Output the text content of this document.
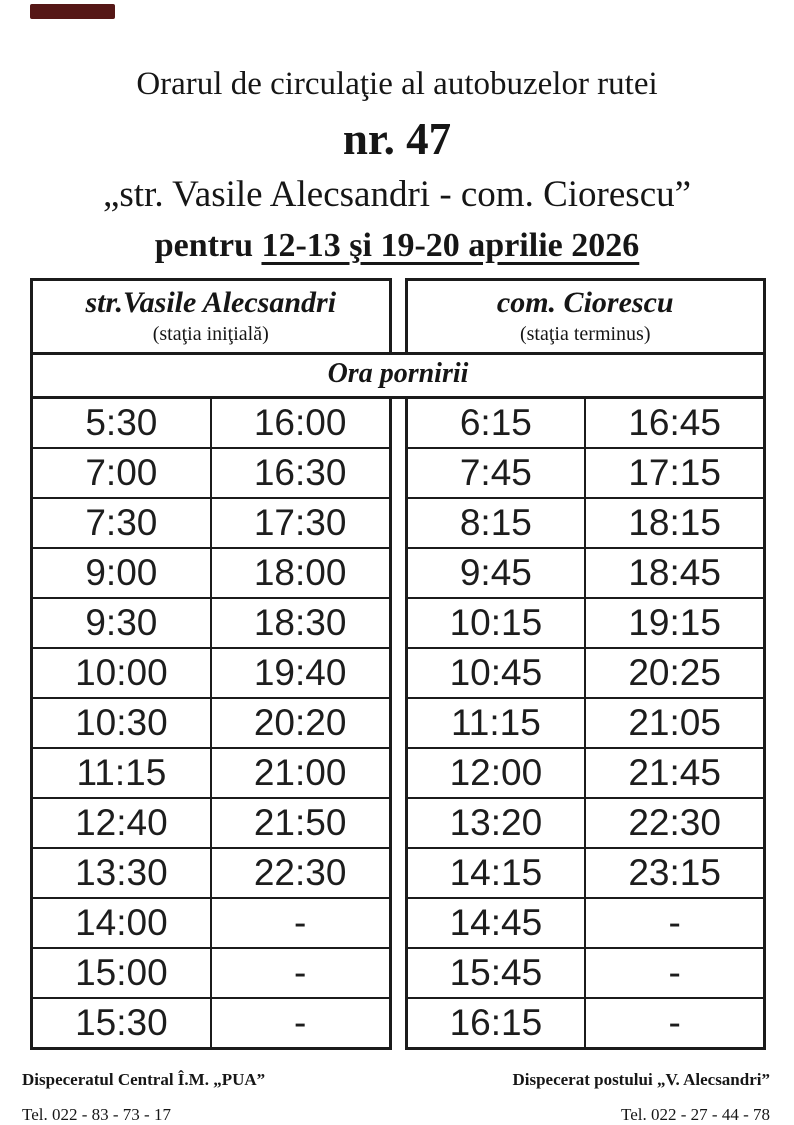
Orarul de circulaţie al autobuzelor rutei
nr. 47
„str. Vasile Alecsandri - com. Ciorescu”
pentru 12-13 şi 19-20 aprilie 2026
str.Vasile Alecsandri
(staţia iniţială)
com. Ciorescu
(staţia terminus)
Ora pornirii
5:30	16:00
7:00	16:30
7:30	17:30
9:00	18:00
9:30	18:30
10:00	19:40
10:30	20:20
11:15	21:00
12:40	21:50
13:30	22:30
14:00	-
15:00	-
15:30	-
6:15	16:45
7:45	17:15
8:15	18:15
9:45	18:45
10:15	19:15
10:45	20:25
11:15	21:05
12:00	21:45
13:20	22:30
14:15	23:15
14:45	-
15:45	-
16:15	-
Dispeceratul Central Î.M. „PUA”
Tel. 022 - 83 - 73 - 17
Dispecerat postului „V. Alecsandri”
Tel. 022 - 27 - 44 - 78
